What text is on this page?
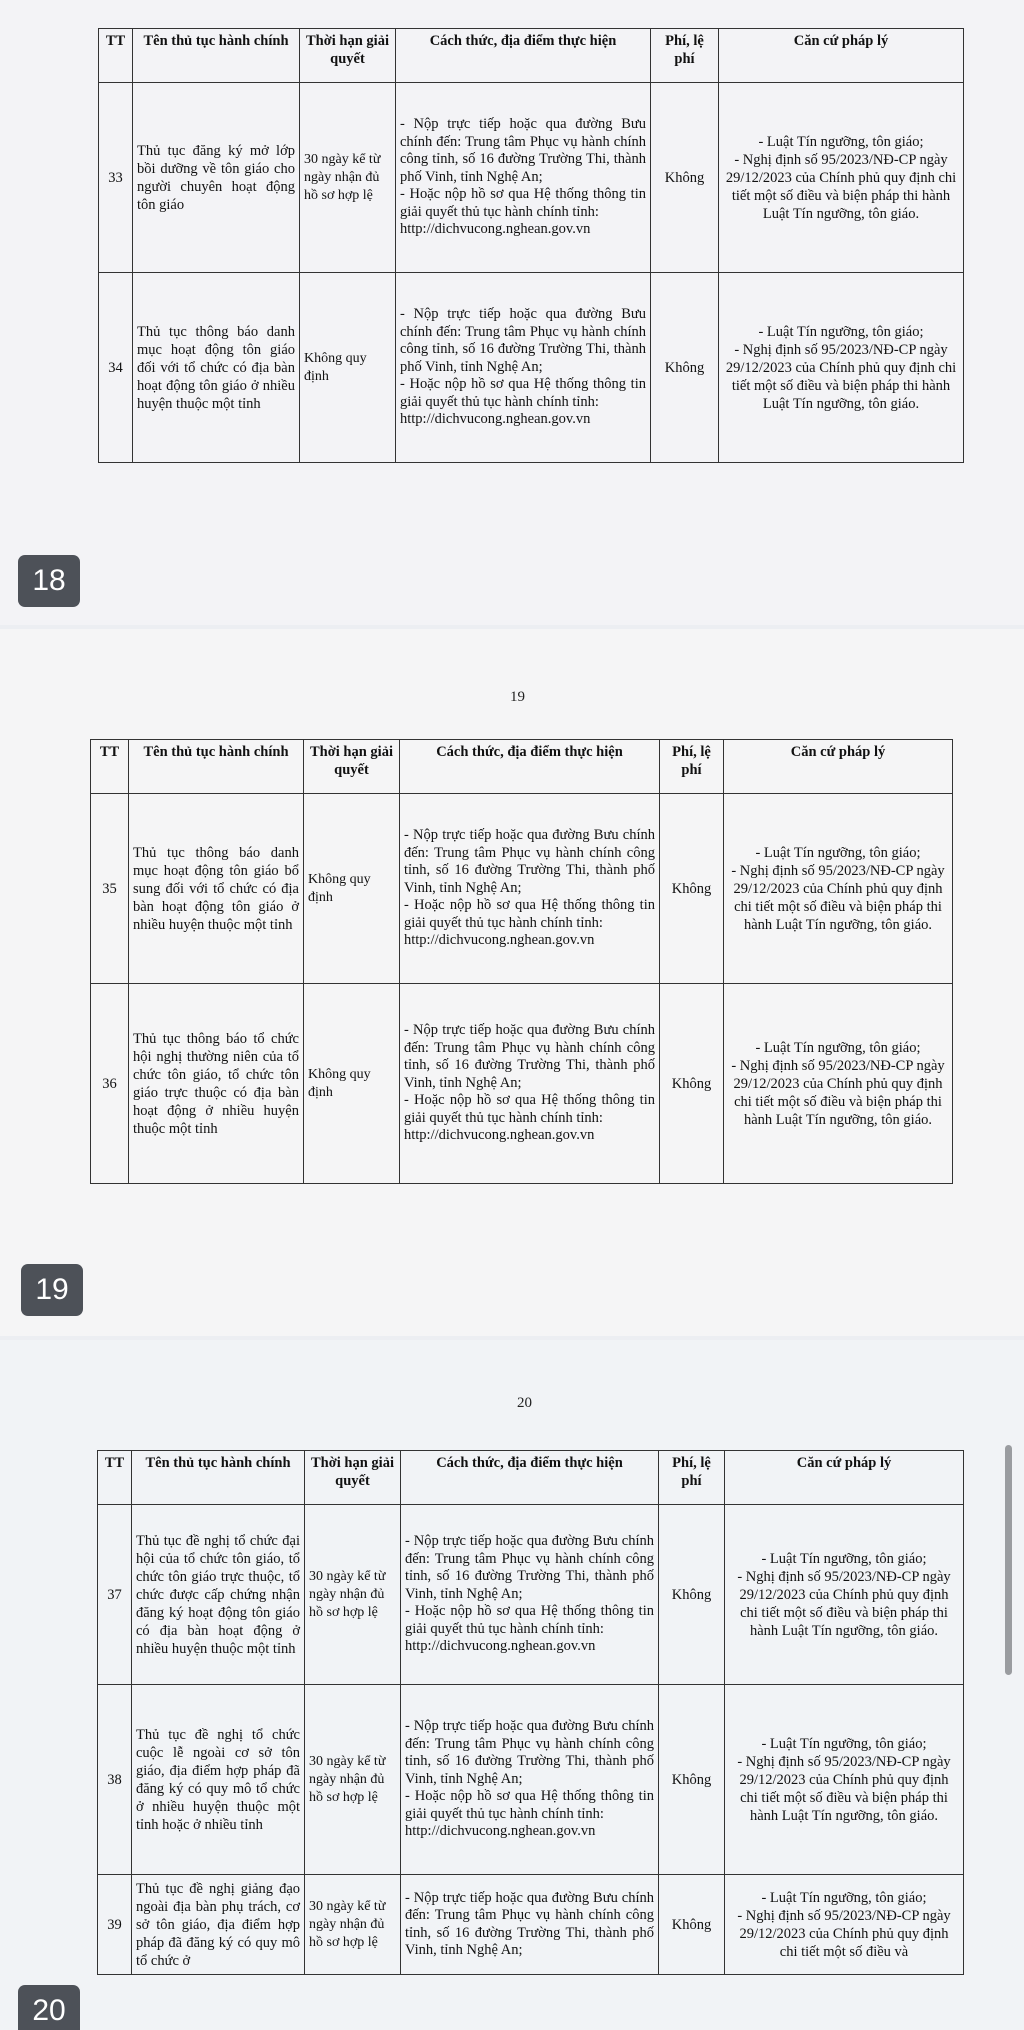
TT	Tên thủ tục hành chính	Thời hạn giải quyết	Cách thức, địa điểm thực hiện	Phí, lệ phí	Căn cứ pháp lý
33	Thủ tục đăng ký mở lớp bồi dưỡng về tôn giáo cho người chuyên hoạt động tôn giáo	30 ngày kể từ ngày nhận đủ hồ sơ hợp lệ	- Nộp trực tiếp hoặc qua đường Bưu chính đến: Trung tâm Phục vụ hành chính công tỉnh, số 16 đường Trường Thi, thành phố Vinh, tỉnh Nghệ An;
- Hoặc nộp hồ sơ qua Hệ thống thông tin giải quyết thủ tục hành chính tỉnh:
http://dichvucong.nghean.gov.vn	Không	- Luật Tín ngưỡng, tôn giáo;
- Nghị định số 95/2023/NĐ-CP ngày 29/12/2023 của Chính phủ quy định chi tiết một số điều và biện pháp thi hành Luật Tín ngưỡng, tôn giáo.

34	Thủ tục thông báo danh mục hoạt động tôn giáo đối với tổ chức có địa bàn hoạt động tôn giáo ở nhiều huyện thuộc một tỉnh	Không quy định	- Nộp trực tiếp hoặc qua đường Bưu chính đến: Trung tâm Phục vụ hành chính công tỉnh, số 16 đường Trường Thi, thành phố Vinh, tỉnh Nghệ An;
- Hoặc nộp hồ sơ qua Hệ thống thông tin giải quyết thủ tục hành chính tỉnh:
http://dichvucong.nghean.gov.vn	Không	- Luật Tín ngưỡng, tôn giáo;
- Nghị định số 95/2023/NĐ-CP ngày 29/12/2023 của Chính phủ quy định chi tiết một số điều và biện pháp thi hành Luật Tín ngưỡng, tôn giáo.
18
19
TT	Tên thủ tục hành chính	Thời hạn giải quyết	Cách thức, địa điểm thực hiện	Phí, lệ phí	Căn cứ pháp lý
35	Thủ tục thông báo danh mục hoạt động tôn giáo bổ sung đối với tổ chức có địa bàn hoạt động tôn giáo ở nhiều huyện thuộc một tỉnh	Không quy định	- Nộp trực tiếp hoặc qua đường Bưu chính đến: Trung tâm Phục vụ hành chính công tỉnh, số 16 đường Trường Thi, thành phố Vinh, tỉnh Nghệ An;
- Hoặc nộp hồ sơ qua Hệ thống thông tin giải quyết thủ tục hành chính tỉnh:
http://dichvucong.nghean.gov.vn	Không	- Luật Tín ngưỡng, tôn giáo;
- Nghị định số 95/2023/NĐ-CP ngày 29/12/2023 của Chính phủ quy định chi tiết một số điều và biện pháp thi hành Luật Tín ngưỡng, tôn giáo.

36	Thủ tục thông báo tổ chức hội nghị thường niên của tổ chức tôn giáo, tổ chức tôn giáo trực thuộc có địa bàn hoạt động ở nhiều huyện thuộc một tỉnh	Không quy định	- Nộp trực tiếp hoặc qua đường Bưu chính đến: Trung tâm Phục vụ hành chính công tỉnh, số 16 đường Trường Thi, thành phố Vinh, tỉnh Nghệ An;
- Hoặc nộp hồ sơ qua Hệ thống thông tin giải quyết thủ tục hành chính tỉnh:
http://dichvucong.nghean.gov.vn	Không	- Luật Tín ngưỡng, tôn giáo;
- Nghị định số 95/2023/NĐ-CP ngày 29/12/2023 của Chính phủ quy định chi tiết một số điều và biện pháp thi hành Luật Tín ngưỡng, tôn giáo.
19
20
TT	Tên thủ tục hành chính	Thời hạn giải quyết	Cách thức, địa điểm thực hiện	Phí, lệ phí	Căn cứ pháp lý
37	Thủ tục đề nghị tổ chức đại hội của tổ chức tôn giáo, tổ chức tôn giáo trực thuộc, tổ chức được cấp chứng nhận đăng ký hoạt động tôn giáo có địa bàn hoạt động ở nhiều huyện thuộc một tỉnh	30 ngày kể từ ngày nhận đủ hồ sơ hợp lệ	- Nộp trực tiếp hoặc qua đường Bưu chính đến: Trung tâm Phục vụ hành chính công tỉnh, số 16 đường Trường Thi, thành phố Vinh, tỉnh Nghệ An;
- Hoặc nộp hồ sơ qua Hệ thống thông tin giải quyết thủ tục hành chính tỉnh:
http://dichvucong.nghean.gov.vn	Không	- Luật Tín ngưỡng, tôn giáo;
- Nghị định số 95/2023/NĐ-CP ngày 29/12/2023 của Chính phủ quy định chi tiết một số điều và biện pháp thi hành Luật Tín ngưỡng, tôn giáo.

38	Thủ tục đề nghị tổ chức cuộc lễ ngoài cơ sở tôn giáo, địa điểm hợp pháp đã đăng ký có quy mô tổ chức ở nhiều huyện thuộc một tỉnh hoặc ở nhiều tỉnh	30 ngày kể từ ngày nhận đủ hồ sơ hợp lệ	- Nộp trực tiếp hoặc qua đường Bưu chính đến: Trung tâm Phục vụ hành chính công tỉnh, số 16 đường Trường Thi, thành phố Vinh, tỉnh Nghệ An;
- Hoặc nộp hồ sơ qua Hệ thống thông tin giải quyết thủ tục hành chính tỉnh:
http://dichvucong.nghean.gov.vn	Không	- Luật Tín ngưỡng, tôn giáo;
- Nghị định số 95/2023/NĐ-CP ngày 29/12/2023 của Chính phủ quy định chi tiết một số điều và biện pháp thi hành Luật Tín ngưỡng, tôn giáo.

39	Thủ tục đề nghị giảng đạo ngoài địa bàn phụ trách, cơ sở tôn giáo, địa điểm hợp pháp đã đăng ký có quy mô tổ chức ở	30 ngày kể từ ngày nhận đủ hồ sơ hợp lệ	- Nộp trực tiếp hoặc qua đường Bưu chính đến: Trung tâm Phục vụ hành chính công tỉnh, số 16 đường Trường Thi, thành phố Vinh, tỉnh Nghệ An;	Không	- Luật Tín ngưỡng, tôn giáo;
- Nghị định số 95/2023/NĐ-CP ngày 29/12/2023 của Chính phủ quy định chi tiết một số điều và
20
